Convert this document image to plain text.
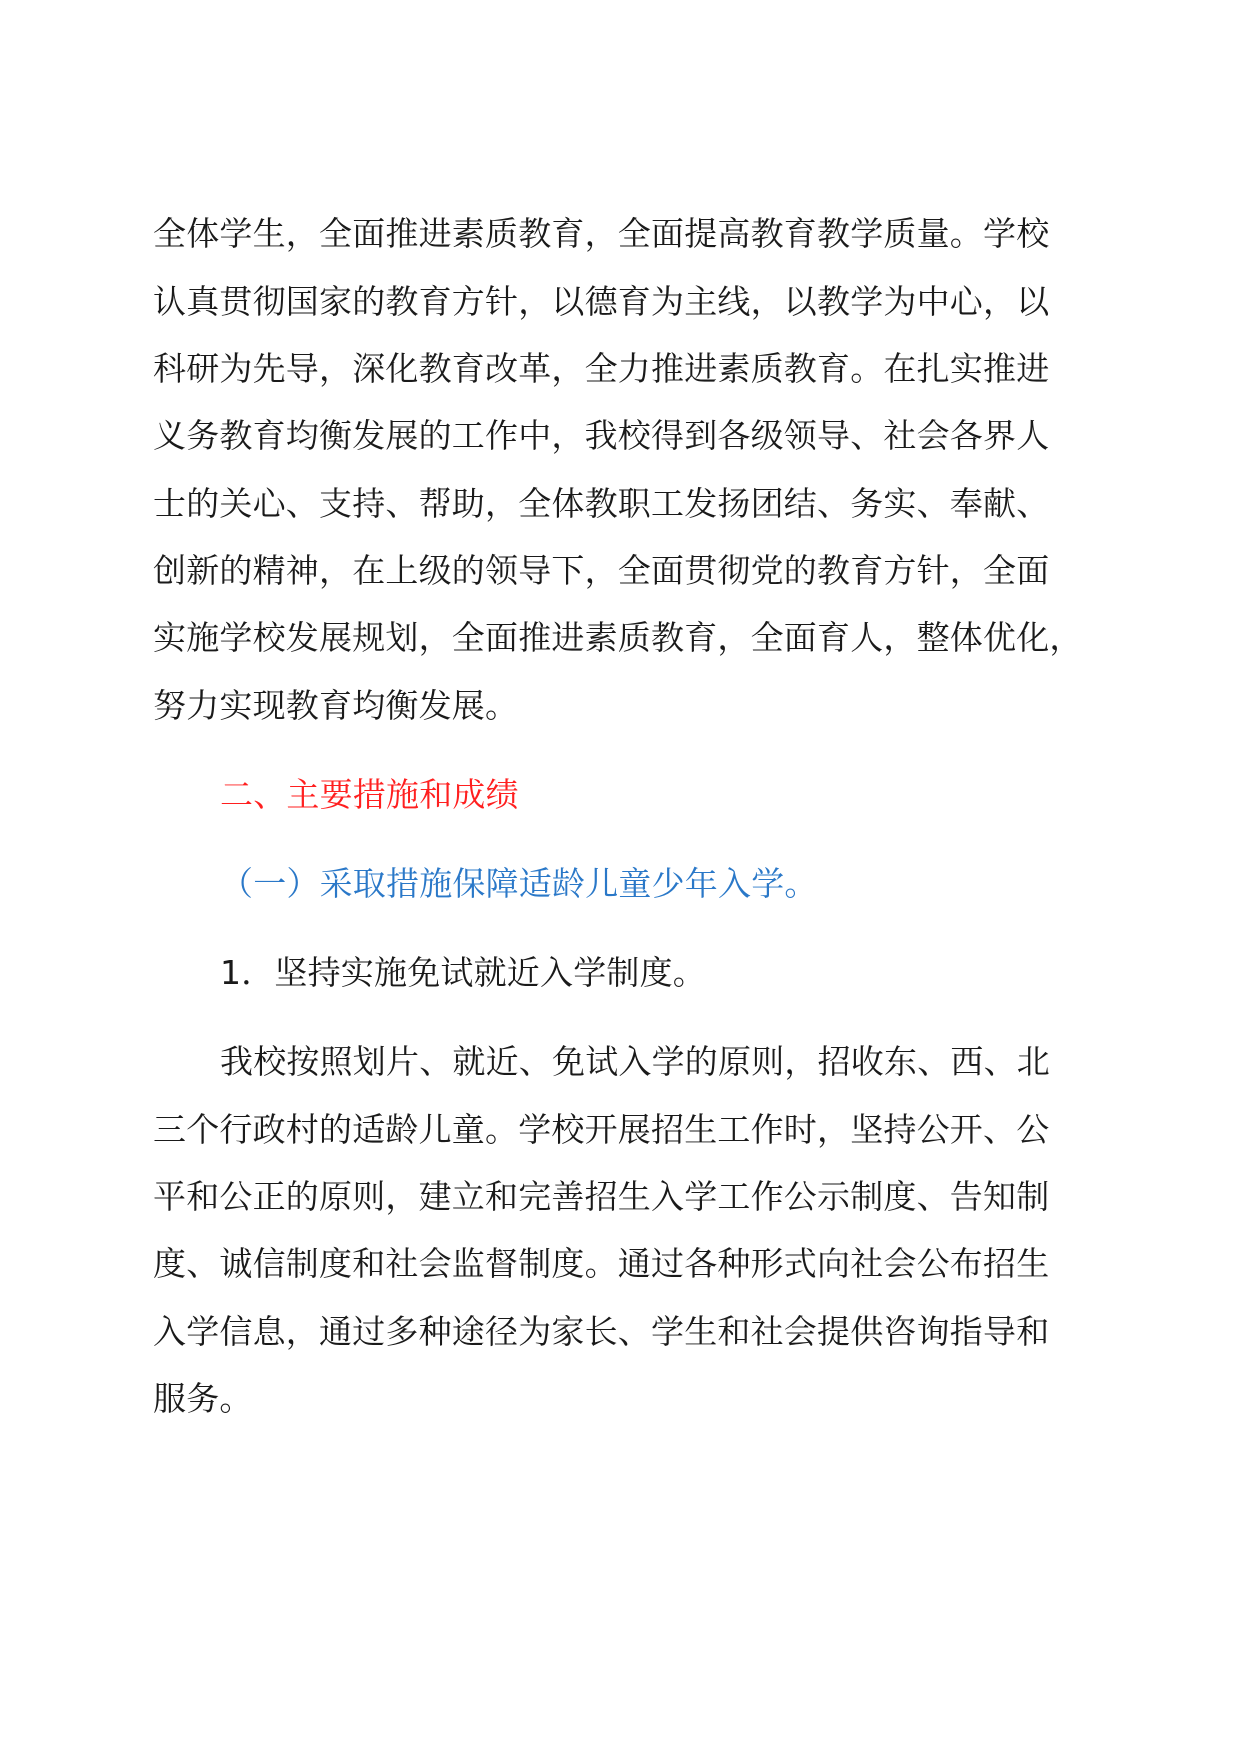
全体学生，全面推进素质教育，全面提高教育教学质量。学校
认真贯彻国家的教育方针，以德育为主线，以教学为中心，以
科研为先导，深化教育改革，全力推进素质教育。在扎实推进
义务教育均衡发展的工作中，我校得到各级领导、社会各界人
士的关心、支持、帮助，全体教职工发扬团结、务实、奉献、
创新的精神，在上级的领导下，全面贯彻党的教育方针，全面
实施学校发展规划，全面推进素质教育，全面育人，整体优化，
努力实现教育均衡发展。
二、主要措施和成绩
（一）采取措施保障适龄儿童少年入学。
1．坚持实施免试就近入学制度。
我校按照划片、就近、免试入学的原则，招收东、西、北
三个行政村的适龄儿童。学校开展招生工作时，坚持公开、公
平和公正的原则，建立和完善招生入学工作公示制度、告知制
度、诚信制度和社会监督制度。通过各种形式向社会公布招生
入学信息，通过多种途径为家长、学生和社会提供咨询指导和
服务。
